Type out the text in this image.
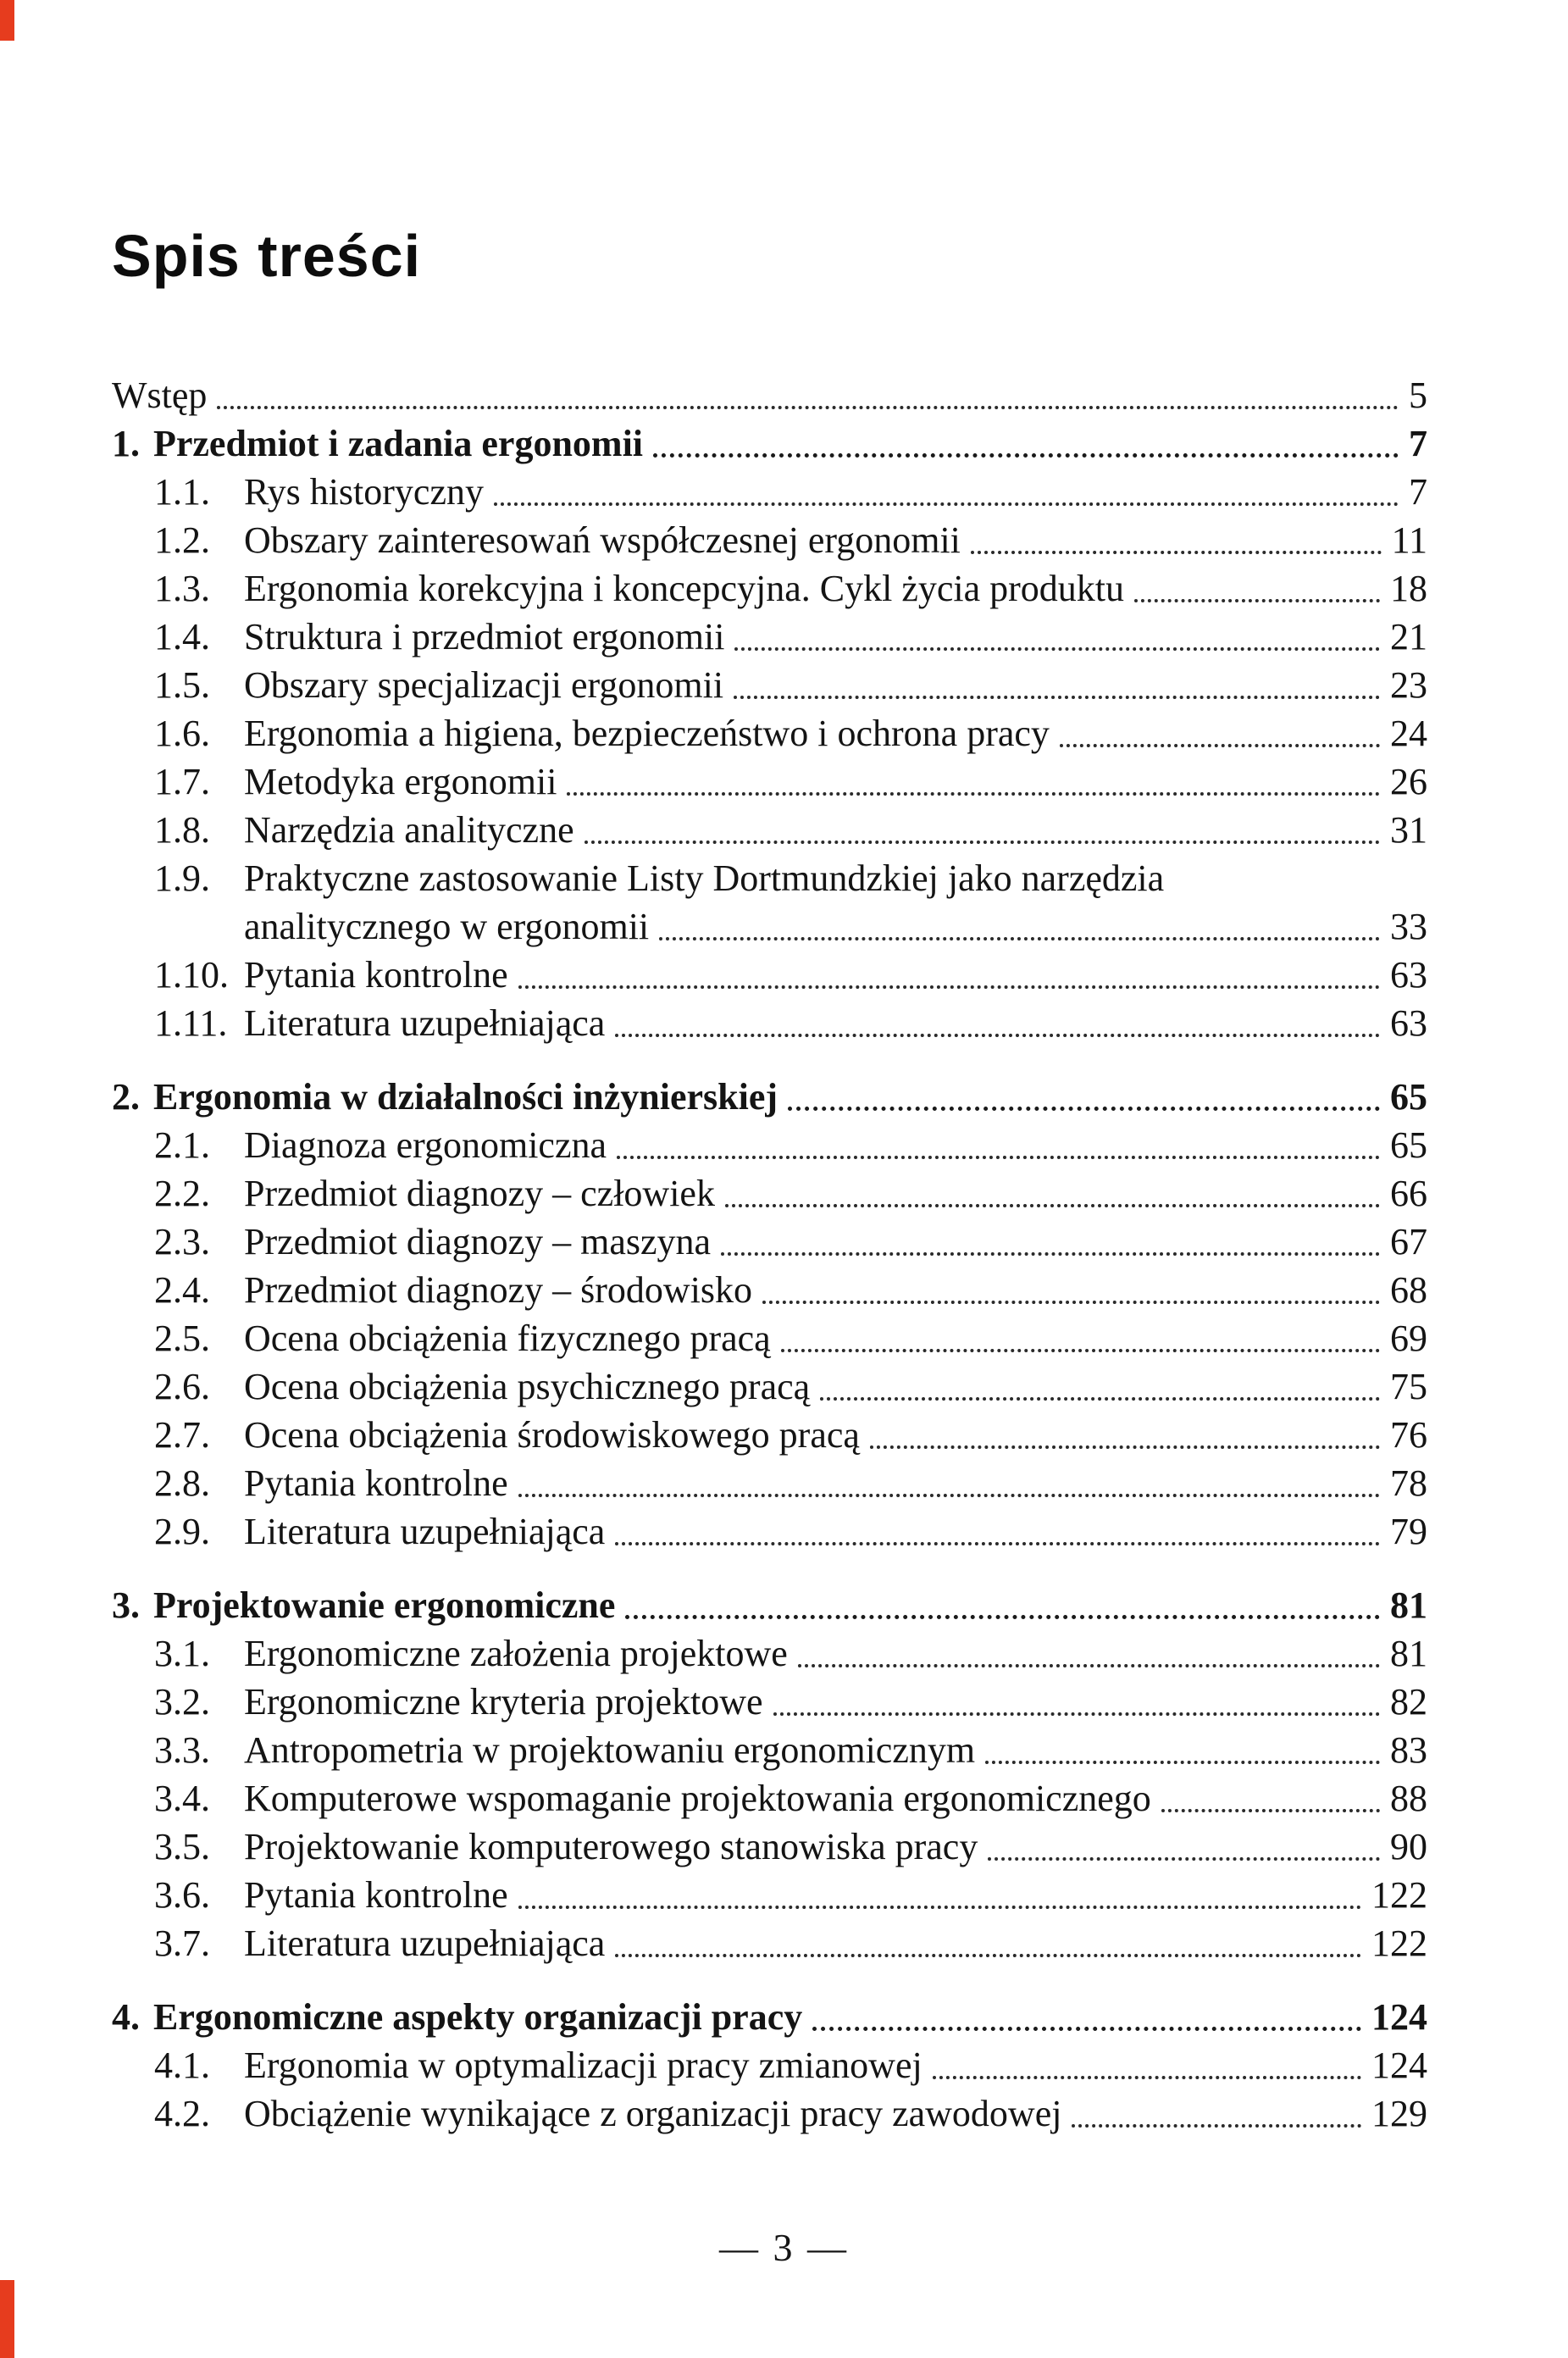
Spis treści
Wstęp	5
1. Przedmiot i zadania ergonomii	7
1.1. Rys historyczny	7
1.2. Obszary zainteresowań współczesnej ergonomii	11
1.3. Ergonomia korekcyjna i koncepcyjna. Cykl życia produktu	18
1.4. Struktura i przedmiot ergonomii	21
1.5. Obszary specjalizacji ergonomii	23
1.6. Ergonomia a higiena, bezpieczeństwo i ochrona pracy	24
1.7. Metodyka ergonomii	26
1.8. Narzędzia analityczne	31
1.9. Praktyczne zastosowanie Listy Dortmundzkiej jako narzędzia
analitycznego w ergonomii	33
1.10. Pytania kontrolne	63
1.11. Literatura uzupełniająca	63
2. Ergonomia w działalności inżynierskiej	65
2.1. Diagnoza ergonomiczna	65
2.2. Przedmiot diagnozy – człowiek	66
2.3. Przedmiot diagnozy – maszyna	67
2.4. Przedmiot diagnozy – środowisko	68
2.5. Ocena obciążenia fizycznego pracą	69
2.6. Ocena obciążenia psychicznego pracą	75
2.7. Ocena obciążenia środowiskowego pracą	76
2.8. Pytania kontrolne	78
2.9. Literatura uzupełniająca	79
3. Projektowanie ergonomiczne	81
3.1. Ergonomiczne założenia projektowe	81
3.2. Ergonomiczne kryteria projektowe	82
3.3. Antropometria w projektowaniu ergonomicznym	83
3.4. Komputerowe wspomaganie projektowania ergonomicznego	88
3.5. Projektowanie komputerowego stanowiska pracy	90
3.6. Pytania kontrolne	122
3.7. Literatura uzupełniająca	122
4. Ergonomiczne aspekty organizacji pracy	124
4.1. Ergonomia w optymalizacji pracy zmianowej	124
4.2. Obciążenie wynikające z organizacji pracy zawodowej	129
— 3 —
